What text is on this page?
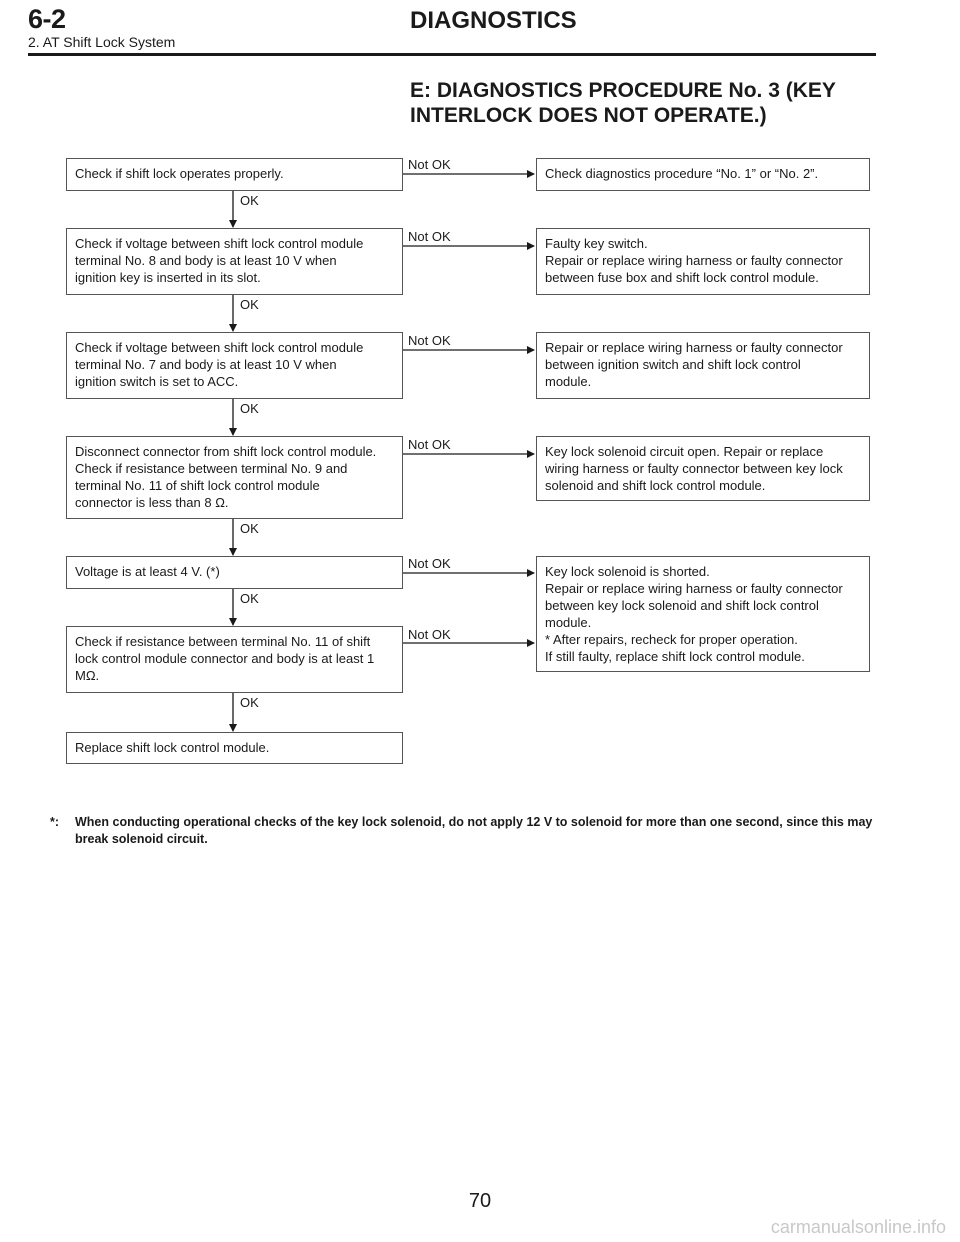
6-2	DIAGNOSTICS
2. AT Shift Lock System
E: DIAGNOSTICS PROCEDURE No. 3 (KEY INTERLOCK DOES NOT OPERATE.)
Check if shift lock operates properly.
Check if voltage between shift lock control module
terminal No. 8 and body is at least 10 V when
ignition key is inserted in its slot.
Check if voltage between shift lock control module
terminal No. 7 and body is at least 10 V when
ignition switch is set to ACC.
Disconnect connector from shift lock control module.
Check if resistance between terminal No. 9 and
terminal No. 11 of shift lock control module
connector is less than 8 Ω.
Voltage is at least 4 V. (*)
Check if resistance between terminal No. 11 of shift
lock control module connector and body is at least 1
MΩ.
Replace shift lock control module.
Check diagnostics procedure “No. 1” or “No. 2”.
Faulty key switch.
Repair or replace wiring harness or faulty connector
between fuse box and shift lock control module.
Repair or replace wiring harness or faulty connector
between ignition switch and shift lock control
module.
Key lock solenoid circuit open. Repair or replace
wiring harness or faulty connector between key lock
solenoid and shift lock control module.
Key lock solenoid is shorted.
Repair or replace wiring harness or faulty connector
between key lock solenoid and shift lock control
module.
* After repairs, recheck for proper operation.
If still faulty, replace shift lock control module.
OK
OK
OK
OK
OK
OK
Not OK
Not OK
Not OK
Not OK
Not OK
Not OK
*: When conducting operational checks of the key lock solenoid, do not apply 12 V to solenoid for more than one second, since this may break solenoid circuit.
70
carmanualsonline.info
